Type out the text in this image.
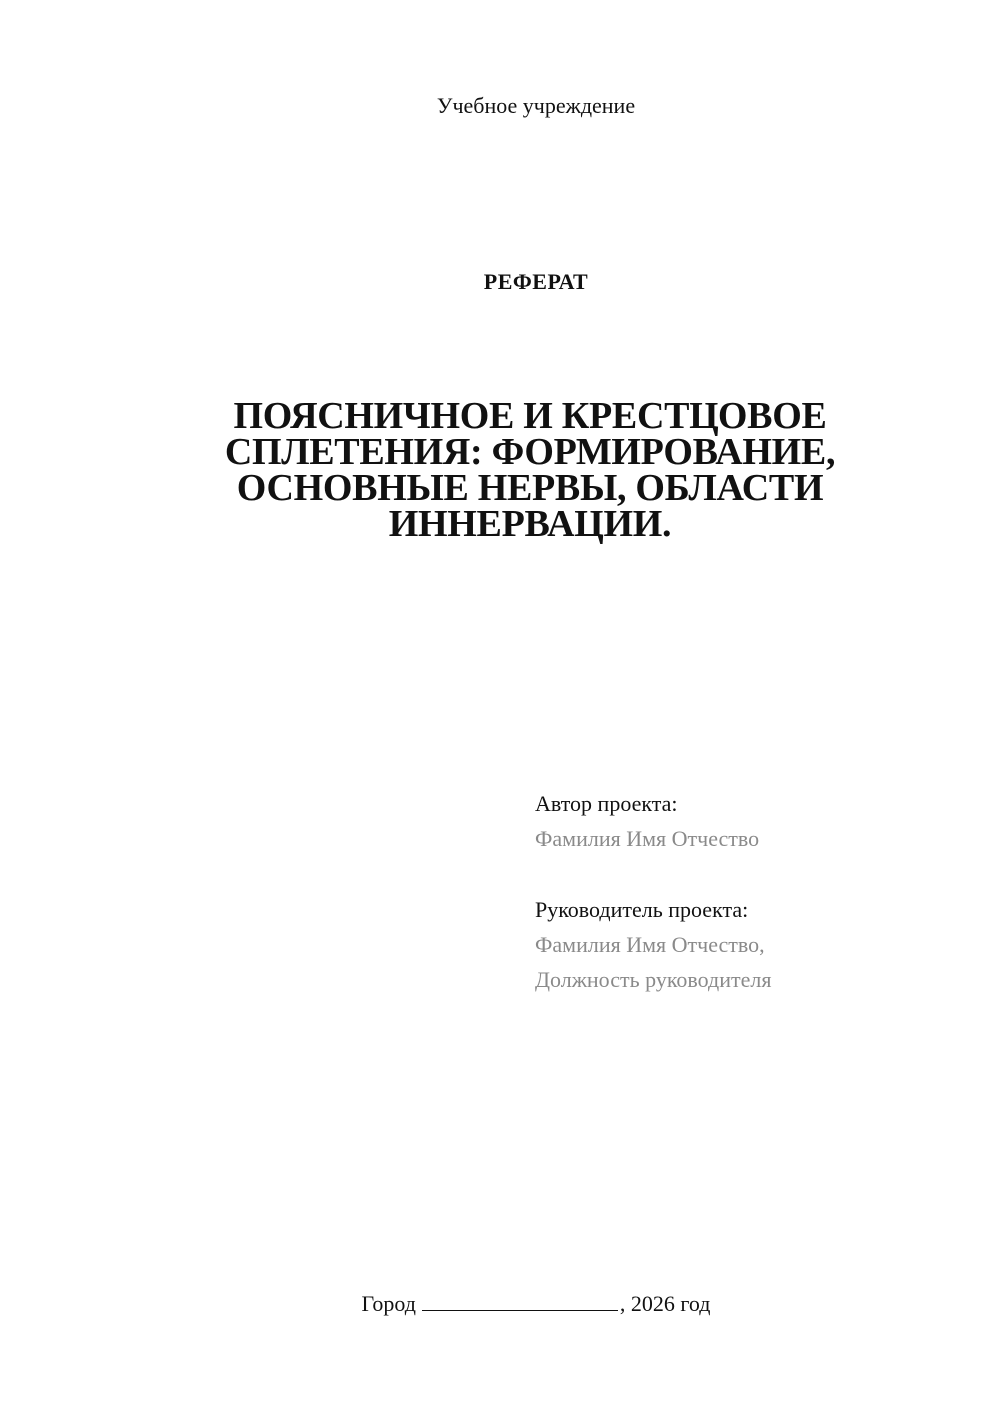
Учебное учреждение
РЕФЕРАТ
ПОЯСНИЧНОЕ И КРЕСТЦОВОЕ
СПЛЕТЕНИЯ: ФОРМИРОВАНИЕ,
ОСНОВНЫЕ НЕРВЫ, ОБЛАСТИ
ИННЕРВАЦИИ.
Автор проекта:
Фамилия Имя Отчество
Руководитель проекта:
Фамилия Имя Отчество,
Должность руководителя
Город	, 2026 год
